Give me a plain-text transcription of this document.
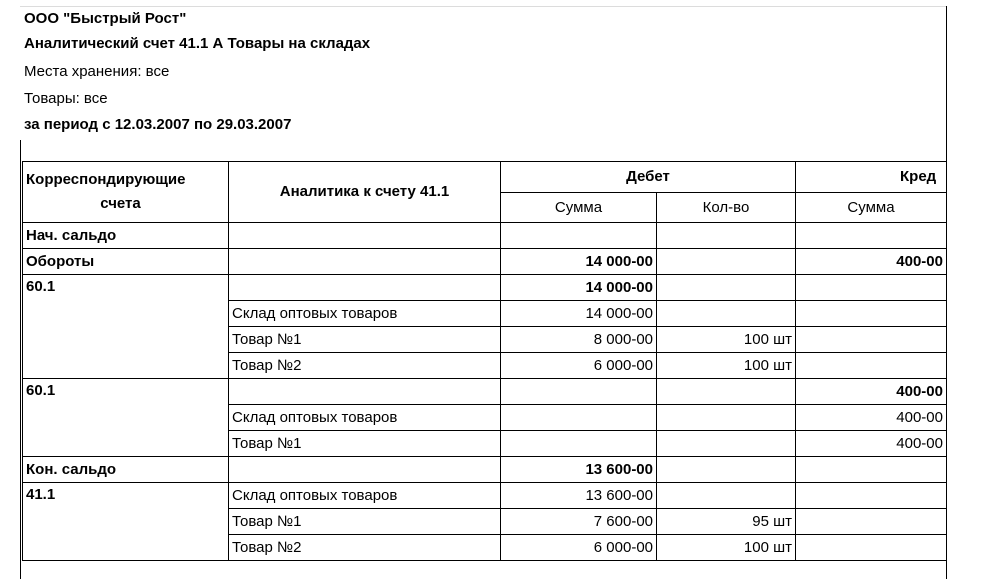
ООО "Быстрый Рост"
Аналитический счет 41.1 А Товары на складах
Места хранения: все
Товары: все
за период с 12.03.2007 по 29.03.2007
Корреспондирующие
счета	Аналитика к счету 41.1	Дебет		Кред	
		Сумма	Кол-во	Сумма	
Нач. сальдо					
Обороты		14 000-00		400-00	
60.1		14 000-00			
	Склад оптовых товаров	14 000-00			
	Товар №1	8 000-00	100 шт		
	Товар №2	6 000-00	100 шт		
60.1				400-00	
	Склад оптовых товаров			400-00	
	Товар №1			400-00	
Кон. сальдо		13 600-00			
41.1	Склад оптовых товаров	13 600-00			
	Товар №1	7 600-00	95 шт		
	Товар №2	6 000-00	100 шт		
